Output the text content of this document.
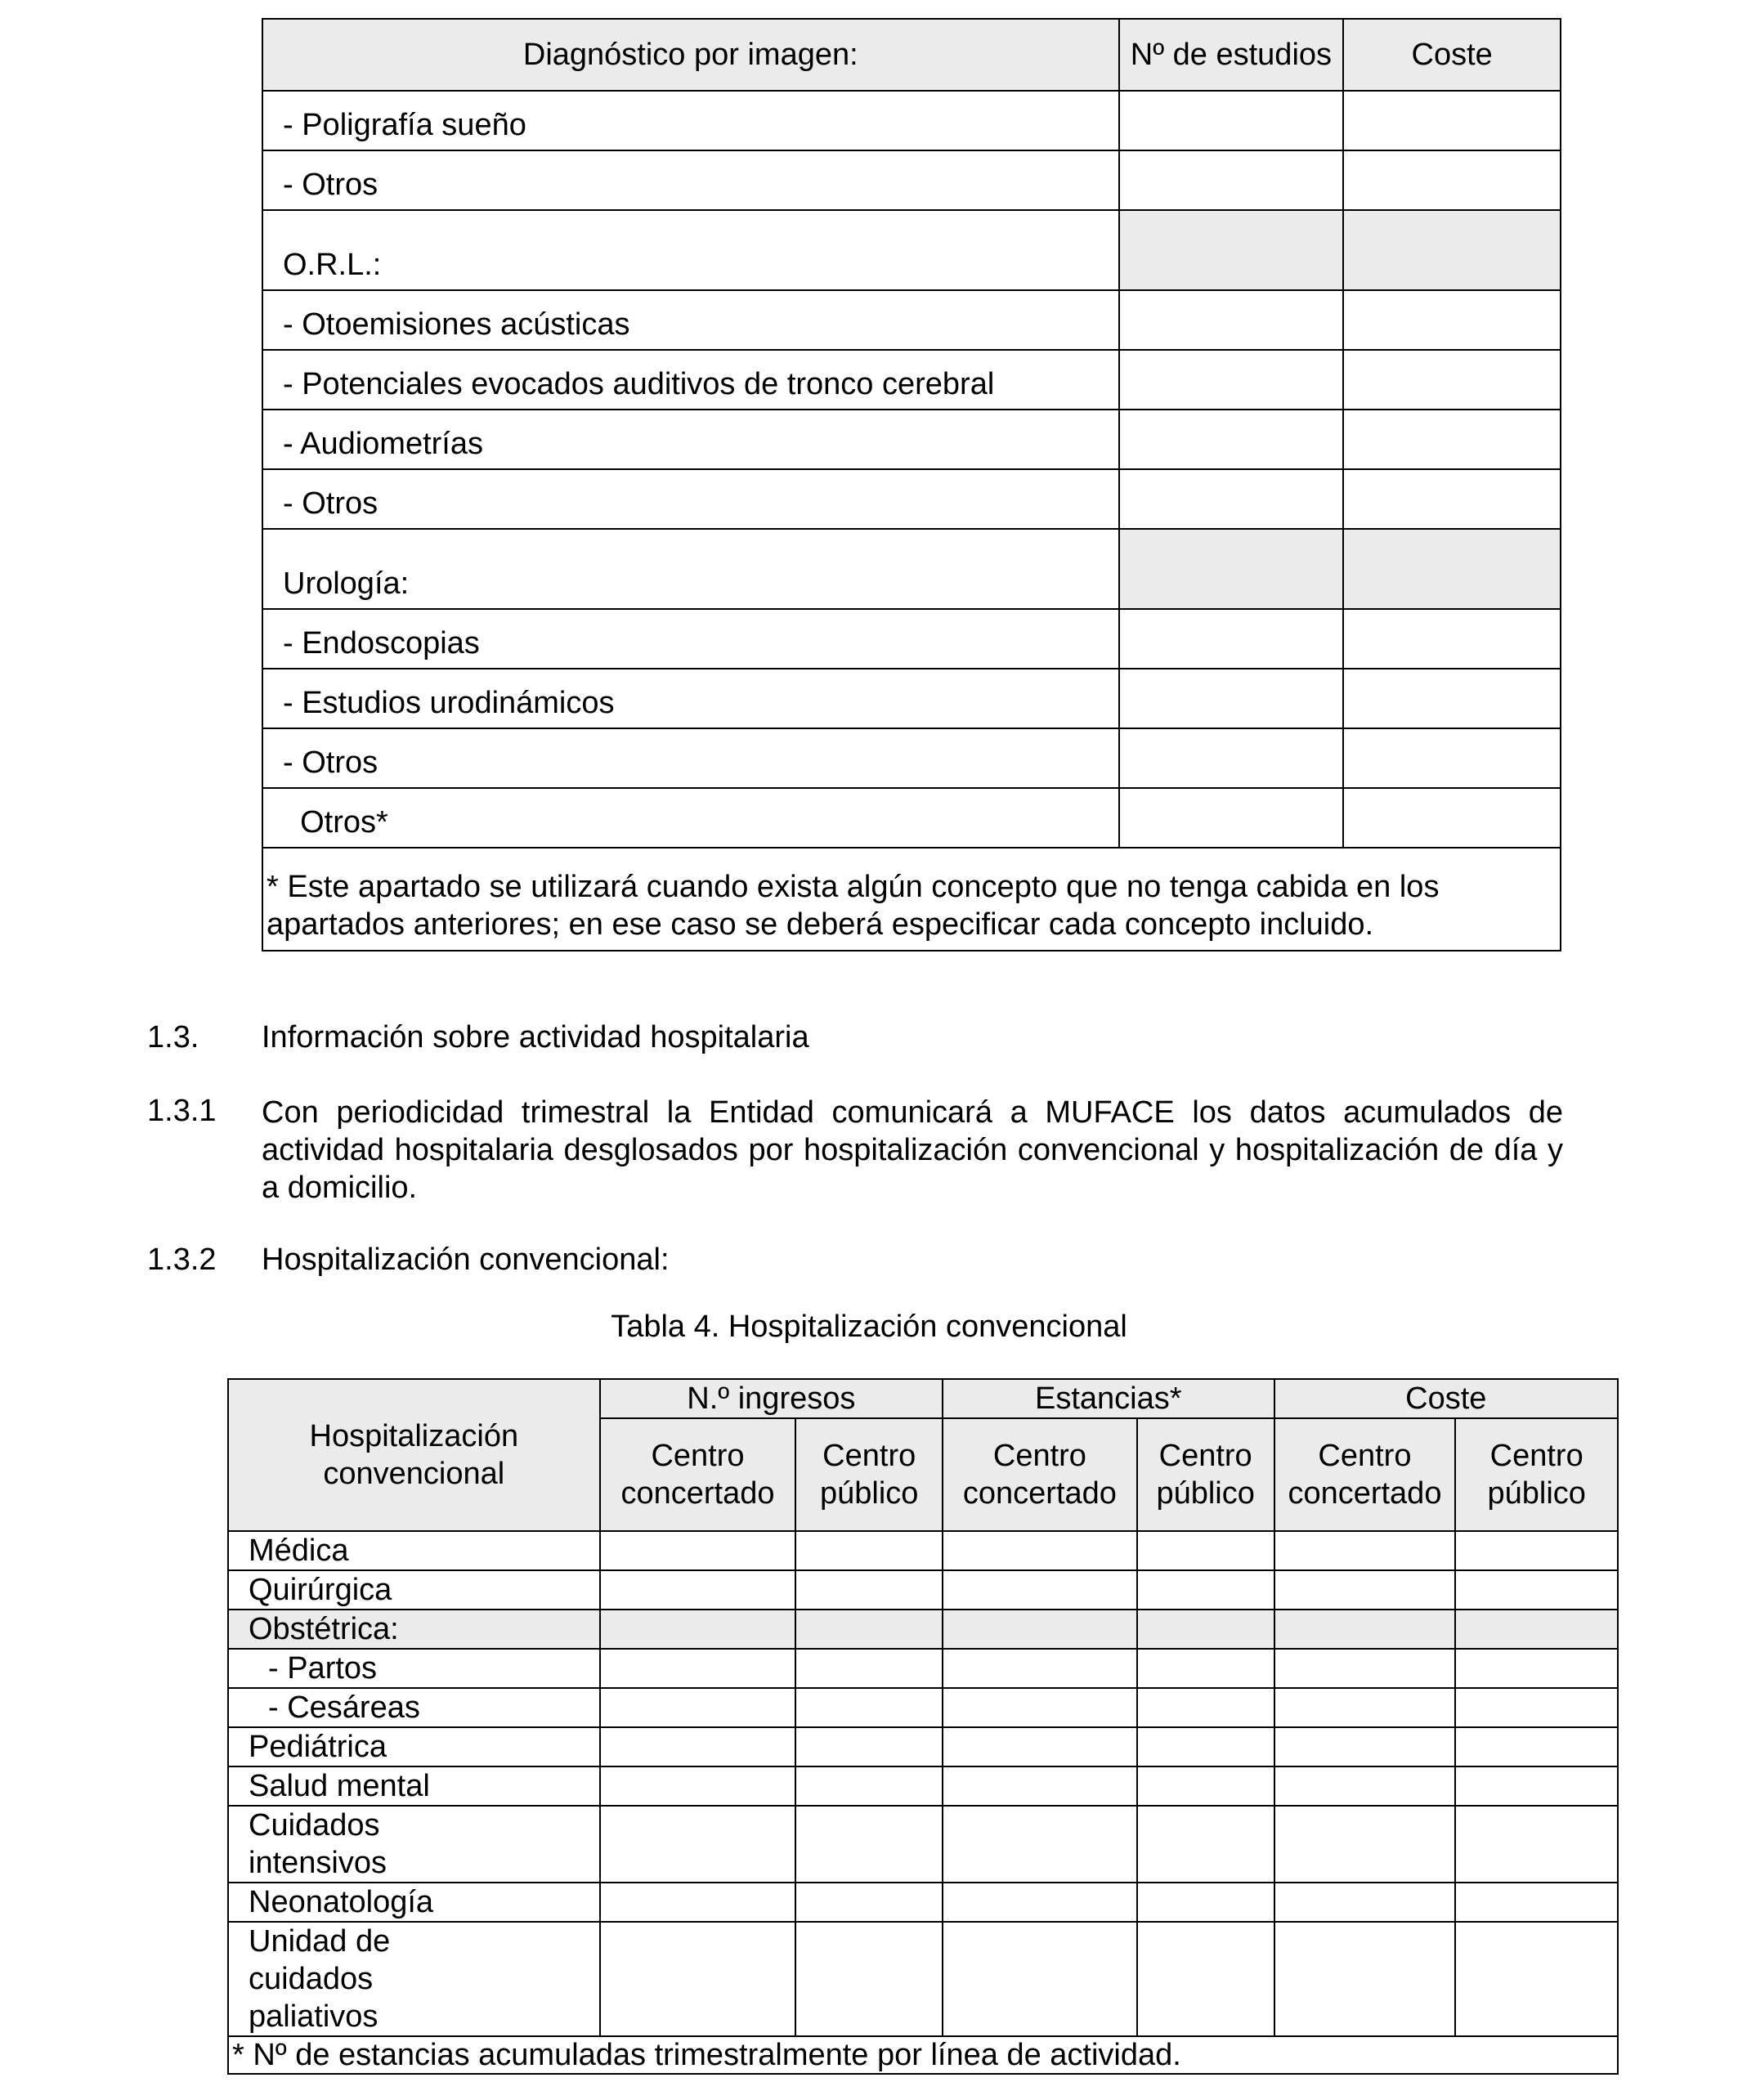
Diagnóstico por imagen:	Nº de estudios	Coste
- Poligrafía sueño		
- Otros		
O.R.L.:		
- Otoemisiones acústicas		
- Potenciales evocados auditivos de tronco cerebral		
- Audiometrías		
- Otros		
Urología:		
- Endoscopias		
- Estudios urodinámicos		
- Otros		
Otros*		
* Este apartado se utilizará cuando exista algún concepto que no tenga cabida en los apartados anteriores; en ese caso se deberá especificar cada concepto incluido.		
1.3. Información sobre actividad hospitalaria
1.3.1 Con periodicidad trimestral la Entidad comunicará a MUFACE los datos acumulados de actividad hospitalaria desglosados por hospitalización convencional y hospitalización de día y a domicilio.
1.3.2 Hospitalización convencional:
Tabla 4. Hospitalización convencional
Hospitalización convencional	N.º ingresos		Estancias*		Coste	
	Centro concertado	Centro público	Centro concertado	Centro público	Centro concertado	Centro público
Médica						
Quirúrgica						
Obstétrica:						
- Partos						
- Cesáreas						
Pediátrica						
Salud mental						
Cuidados intensivos						
Neonatología						
Unidad de cuidados paliativos						
* Nº de estancias acumuladas trimestralmente por línea de actividad.						
